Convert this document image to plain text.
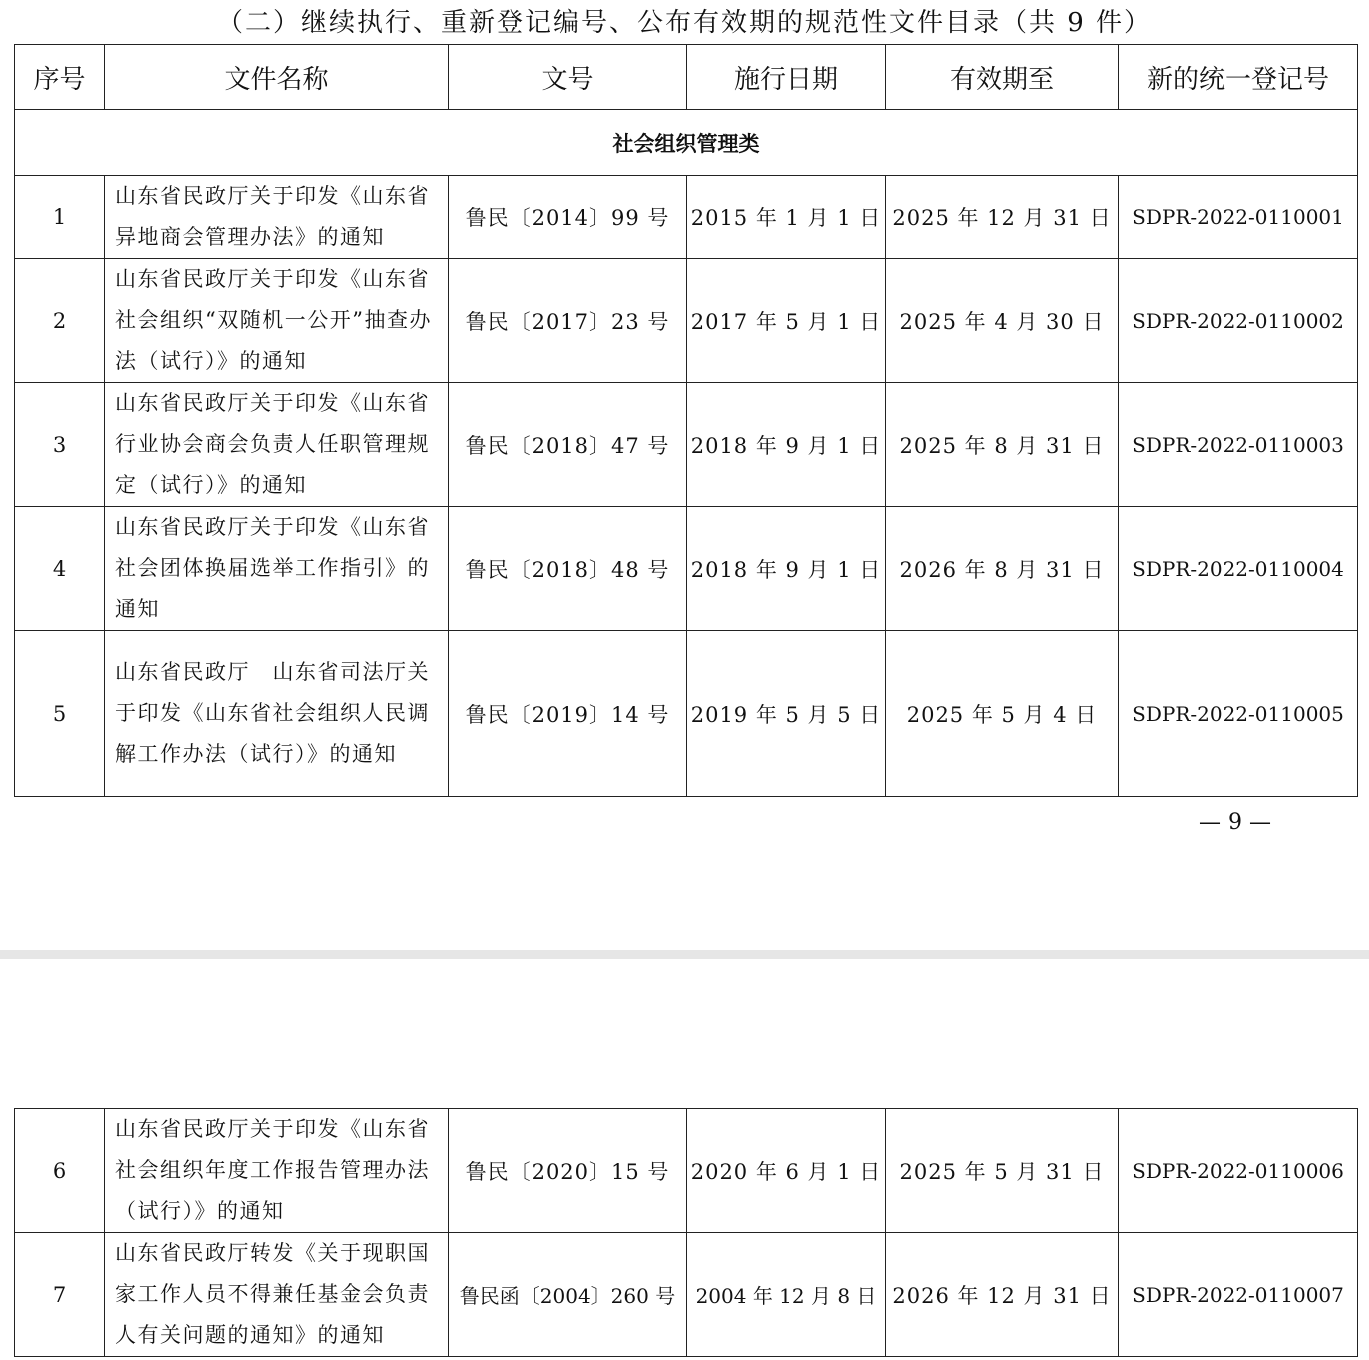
（二）继续执行、重新登记编号、公布有效期的规范性文件目录（共 9 件）
序号	文件名称	文号	施行日期	有效期至	新的统一登记号
社会组织管理类					
1	山东省民政厅关于印发《山东省异地商会管理办法》的通知	鲁民〔2014〕99 号	2015 年 1 月 1 日	2025 年 12 月 31 日	SDPR-2022-0110001
2	山东省民政厅关于印发《山东省社会组织“双随机一公开”抽查办法（试行）》的通知	鲁民〔2017〕23 号	2017 年 5 月 1 日	2025 年 4 月 30 日	SDPR-2022-0110002
3	山东省民政厅关于印发《山东省行业协会商会负责人任职管理规定（试行）》的通知	鲁民〔2018〕47 号	2018 年 9 月 1 日	2025 年 8 月 31 日	SDPR-2022-0110003
4	山东省民政厅关于印发《山东省社会团体换届选举工作指引》的通知	鲁民〔2018〕48 号	2018 年 9 月 1 日	2026 年 8 月 31 日	SDPR-2022-0110004
5	山东省民政厅　山东省司法厅关于印发《山东省社会组织人民调解工作办法（试行）》的通知	鲁民〔2019〕14 号	2019 年 5 月 5 日	2025 年 5 月 4 日	SDPR-2022-0110005
— 9 —
6	山东省民政厅关于印发《山东省社会组织年度工作报告管理办法（试行）》的通知	鲁民〔2020〕15 号	2020 年 6 月 1 日	2025 年 5 月 31 日	SDPR-2022-0110006
7	山东省民政厅转发《关于现职国家工作人员不得兼任基金会负责人有关问题的通知》的通知	鲁民函〔2004〕260 号	2004 年 12 月 8 日	2026 年 12 月 31 日	SDPR-2022-0110007
